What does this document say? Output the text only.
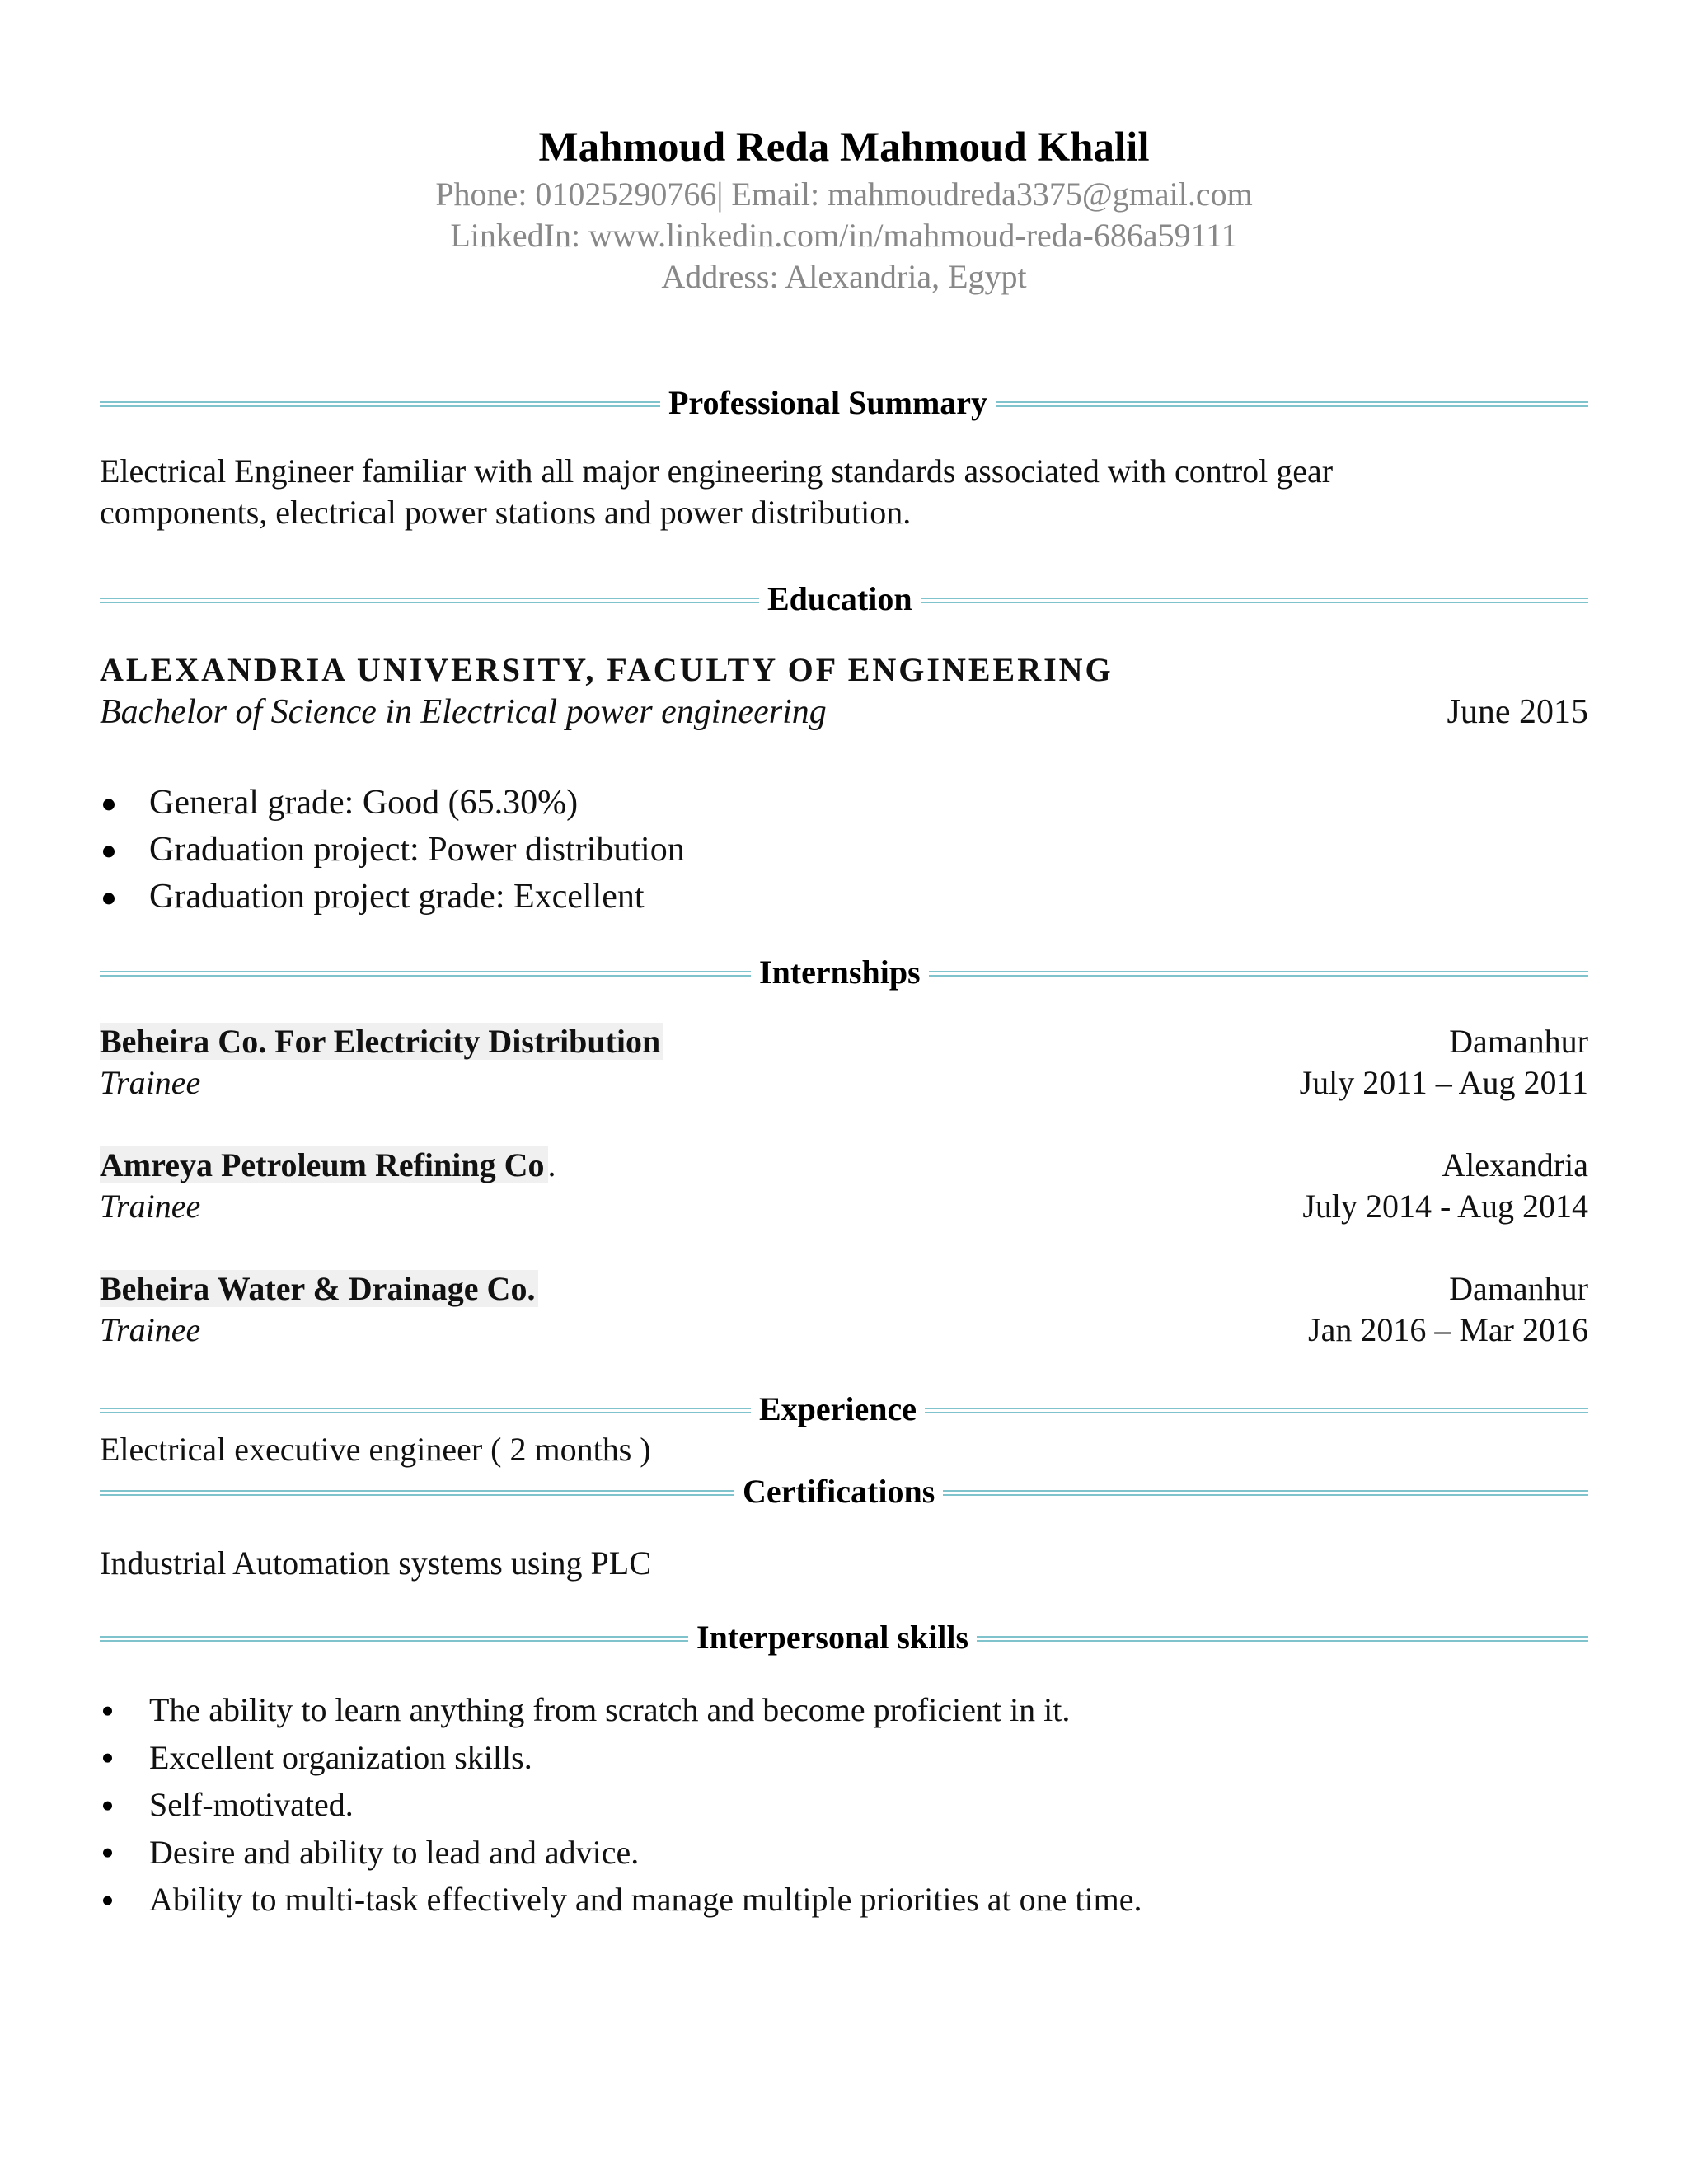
Mahmoud Reda Mahmoud Khalil
Phone: 01025290766| Email: mahmoudreda3375@gmail.com
LinkedIn: www.linkedin.com/in/mahmoud-reda-686a59111
Address: Alexandria, Egypt
Professional Summary
Electrical Engineer familiar with all major engineering standards associated with control gear
components, electrical power stations and power distribution.
Education
ALEXANDRIA UNIVERSITY, FACULTY OF ENGINEERING
Bachelor of Science in Electrical power engineering	June 2015
General grade: Good (65.30%)
Graduation project: Power distribution
Graduation project grade: Excellent
Internships
Beheira Co. For Electricity Distribution
Trainee
Damanhur
July 2011 – Aug 2011
Amreya Petroleum Refining Co .
Trainee
Alexandria
July 2014 - Aug 2014
Beheira Water & Drainage Co.
Trainee
Damanhur
Jan 2016 – Mar 2016
Experience
Electrical executive engineer ( 2 months )
Certifications
Industrial Automation systems using PLC
Interpersonal skills
The ability to learn anything from scratch and become proficient in it.
Excellent organization skills.
Self-motivated.
Desire and ability to lead and advice.
Ability to multi-task effectively and manage multiple priorities at one time.
